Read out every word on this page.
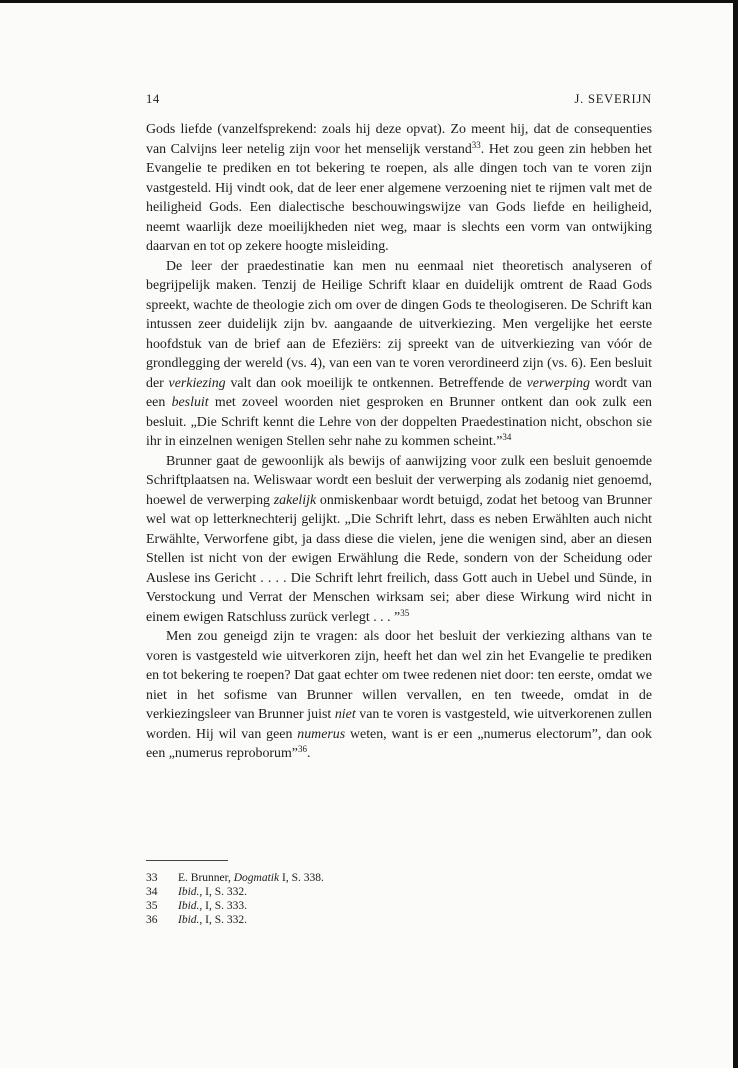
14	J. SEVERIJN

Gods liefde (vanzelfsprekend: zoals hij deze opvat). Zo meent hij, dat de consequenties van Calvijns leer netelig zijn voor het menselijk verstand$^{33}$. Het zou geen zin hebben het Evangelie te prediken en tot bekering te roepen, als alle dingen toch van te voren zijn vastgesteld. Hij vindt ook, dat de leer ener algemene verzoening niet te rijmen valt met de heiligheid Gods. Een dialectische beschouwingswijze van Gods liefde en heiligheid, neemt waarlijk deze moeilijkheden niet weg, maar is slechts een vorm van ontwijking daarvan en tot op zekere hoogte misleiding.

De leer der praedestinatie kan men nu eenmaal niet theoretisch analyseren of begrijpelijk maken. Tenzij de Heilige Schrift klaar en duidelijk omtrent de Raad Gods spreekt, wachte de theologie zich om over de dingen Gods te theologiseren. De Schrift kan intussen zeer duidelijk zijn bv. aangaande de uitverkiezing. Men vergelijke het eerste hoofdstuk van de brief aan de Efeziërs: zij spreekt van de uitverkiezing van vóór de grondlegging der wereld (vs. 4), van een van te voren verordineerd zijn (vs. 6). Een besluit der verkiezing valt dan ook moeilijk te ontkennen. Betreffende de verwerping wordt van een besluit met zoveel woorden niet gesproken en Brunner ontkent dan ook zulk een besluit. „Die Schrift kennt die Lehre von der doppelten Praedestination nicht, obschon sie ihr in einzelnen wenigen Stellen sehr nahe zu kommen scheint.”$^{34}$

Brunner gaat de gewoonlijk als bewijs of aanwijzing voor zulk een besluit genoemde Schriftplaatsen na. Weliswaar wordt een besluit der verwerping als zodanig niet genoemd, hoewel de verwerping zakelijk onmiskenbaar wordt betuigd, zodat het betoog van Brunner wel wat op letterknechterij gelijkt. „Die Schrift lehrt, dass es neben Erwählten auch nicht Erwählte, Verworfene gibt, ja dass diese die vielen, jene die wenigen sind, aber an diesen Stellen ist nicht von der ewigen Erwählung die Rede, sondern von der Scheidung oder Auslese ins Gericht . . . . Die Schrift lehrt freilich, dass Gott auch in Uebel und Sünde, in Verstockung und Verrat der Menschen wirksam sei; aber diese Wirkung wird nicht in einem ewigen Ratschluss zurück verlegt . . . ”$^{35}$

Men zou geneigd zijn te vragen: als door het besluit der verkiezing althans van te voren is vastgesteld wie uitverkoren zijn, heeft het dan wel zin het Evangelie te prediken en tot bekering te roepen? Dat gaat echter om twee redenen niet door: ten eerste, omdat we niet in het sofisme van Brunner willen vervallen, en ten tweede, omdat in de verkiezingsleer van Brunner juist niet van te voren is vastgesteld, wie uitverkorenen zullen worden. Hij wil van geen numerus weten, want is er een „numerus electorum”, dan ook een „numerus reproborum”$^{36}$.

33	E. Brunner, Dogmatik I, S. 338.
34	Ibid., I, S. 332.
35	Ibid., I, S. 333.
36	Ibid., I, S. 332.
